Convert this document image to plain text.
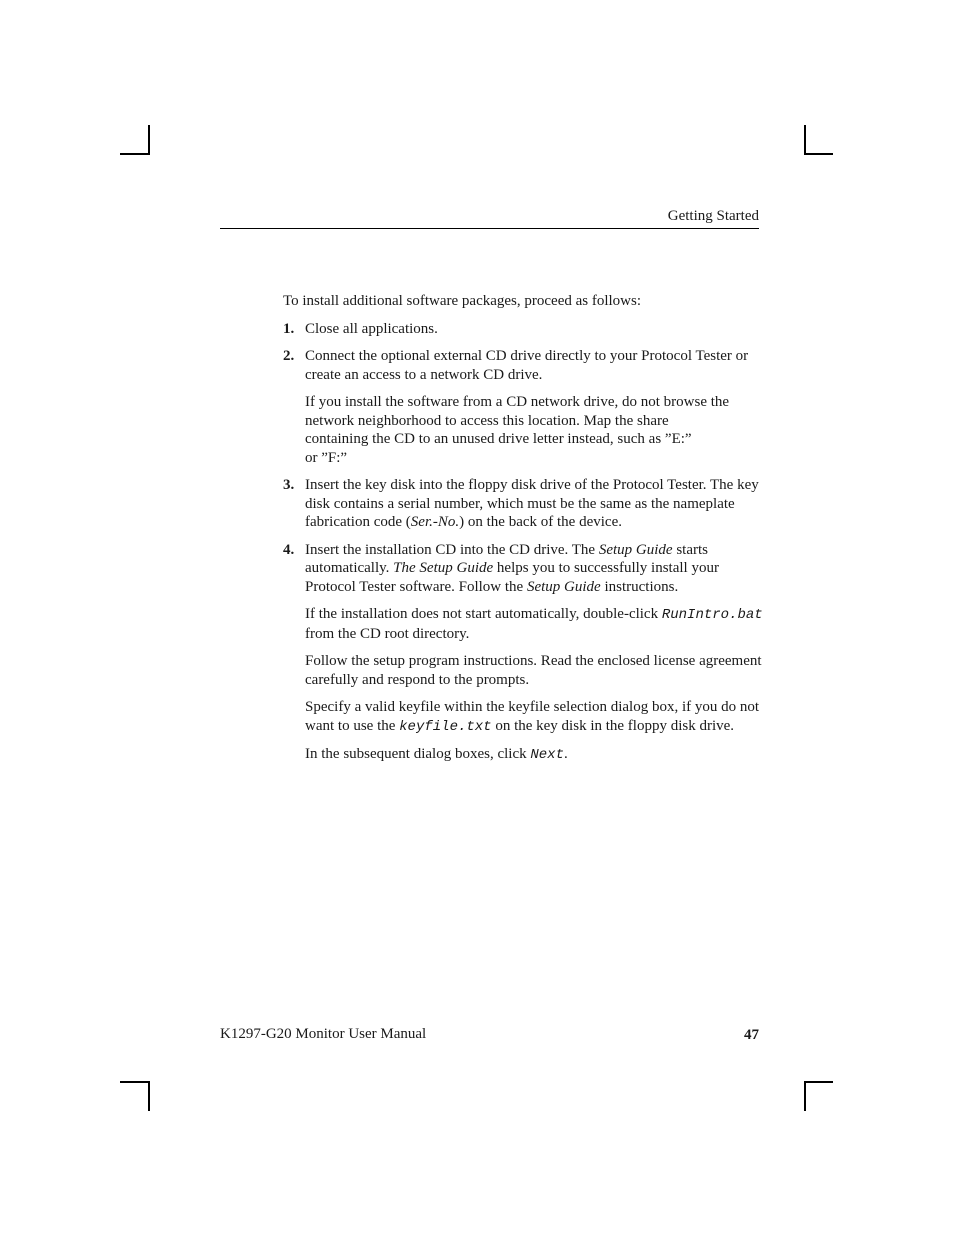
Getting Started

To install additional software packages, proceed as follows:

1. Close all applications.
2. Connect the optional external CD drive directly to your Protocol Tester or create an access to a network CD drive.

If you install the software from a CD network drive, do not browse the
network neighborhood to access this location. Map the share
containing the CD to an unused drive letter instead, such as ”E:”
or ”F:”

3. Insert the key disk into the floppy disk drive of the Protocol Tester. The key disk contains a serial number, which must be the same as the nameplate fabrication code (Ser.-No.) on the back of the device.
4. Insert the installation CD into the CD drive. The Setup Guide starts automatically. The Setup Guide helps you to successfully install your Protocol Tester software. Follow the Setup Guide instructions.

If the installation does not start automatically, double-click RunIntro.bat from the CD root directory.

Follow the setup program instructions. Read the enclosed license agreement carefully and respond to the prompts.

Specify a valid keyfile within the keyfile selection dialog box, if you do not want to use the keyfile.txt on the key disk in the floppy disk drive.

In the subsequent dialog boxes, click Next.

K1297-G20 Monitor User Manual	47
